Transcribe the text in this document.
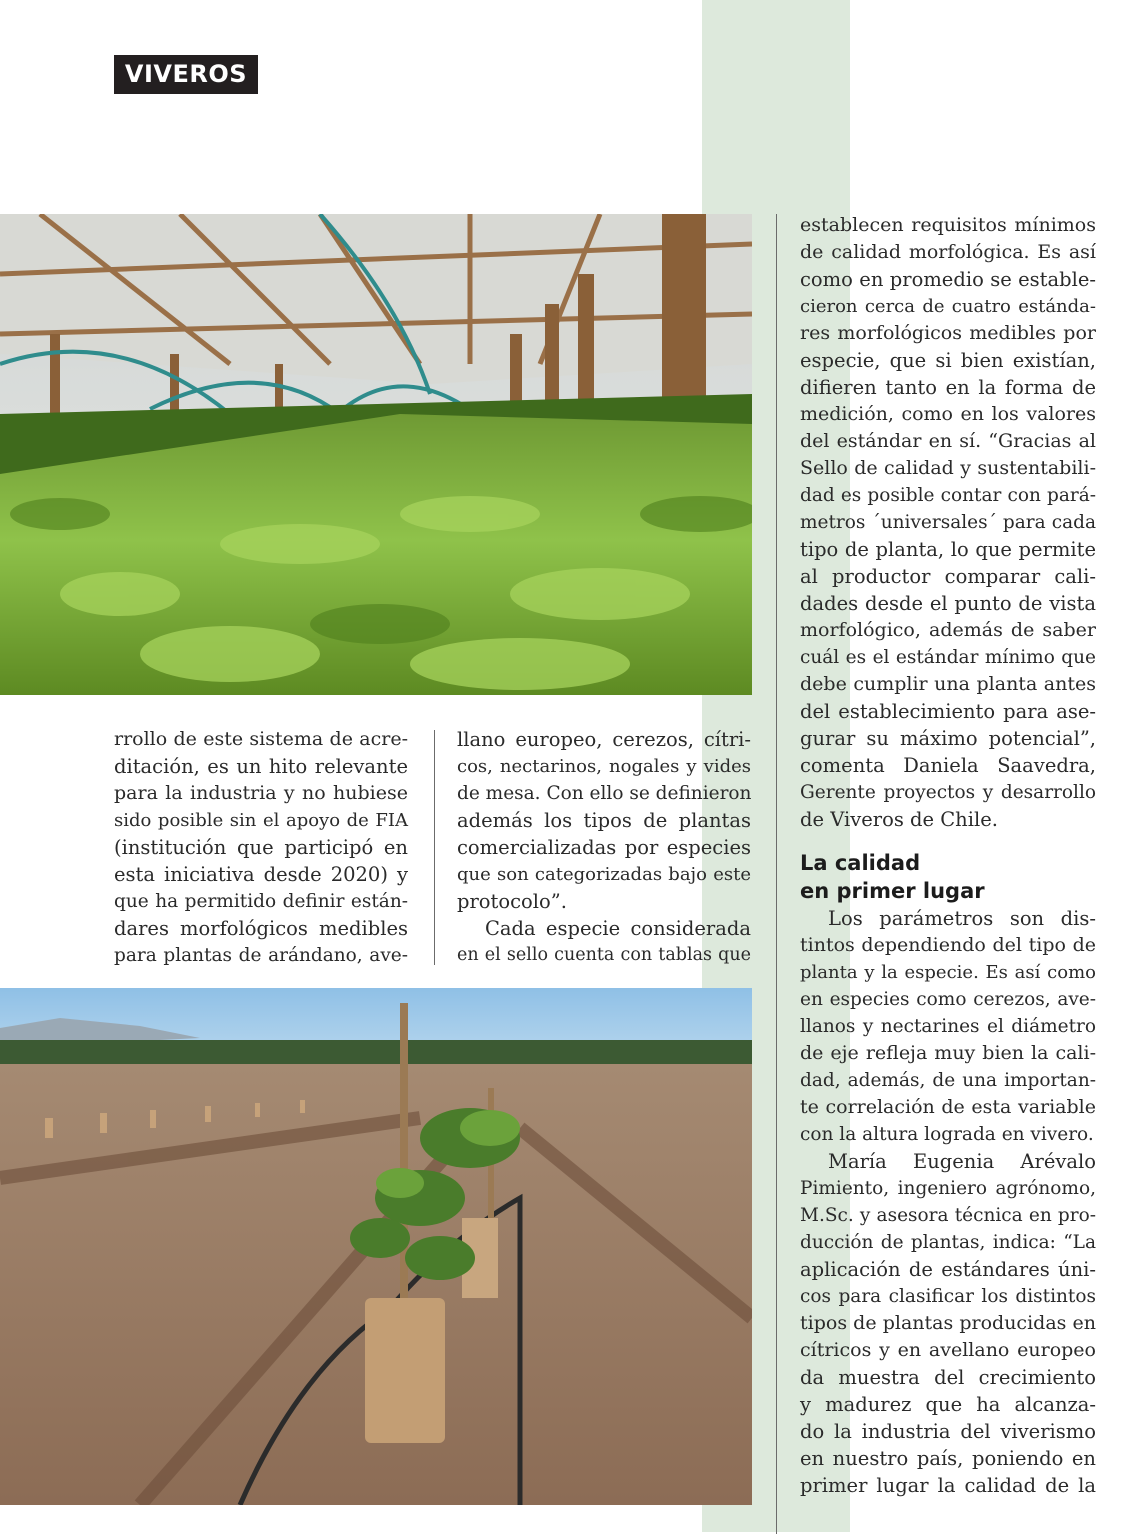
VIVEROS

rrollo de este sistema de acre-
ditación, es un hito relevante
para la industria y no hubiese
sido posible sin el apoyo de FIA
(institución que participó en
esta iniciativa desde 2020) y
que ha permitido definir están-
dares morfológicos medibles
para plantas de arándano, ave-

llano europeo, cerezos, cítri-
cos, nectarinos, nogales y vides
de mesa. Con ello se definieron
además los tipos de plantas
comercializadas por especies
que son categorizadas bajo este
protocolo”.
Cada especie considerada
en el sello cuenta con tablas que

establecen requisitos mínimos
de calidad morfológica. Es así
como en promedio se estable-
cieron cerca de cuatro estánda-
res morfológicos medibles por
especie, que si bien existían,
difieren tanto en la forma de
medición, como en los valores
del estándar en sí. “Gracias al
Sello de calidad y sustentabili-
dad es posible contar con pará-
metros ´universales´ para cada
tipo de planta, lo que permite
al productor comparar cali-
dades desde el punto de vista
morfológico, además de saber
cuál es el estándar mínimo que
debe cumplir una planta antes
del establecimiento para ase-
gurar su máximo potencial”,
comenta Daniela Saavedra,
Gerente proyectos y desarrollo
de Viveros de Chile.

La calidad
en primer lugar

Los parámetros son dis-
tintos dependiendo del tipo de
planta y la especie. Es así como
en especies como cerezos, ave-
llanos y nectarines el diámetro
de eje refleja muy bien la cali-
dad, además, de una importan-
te correlación de esta variable
con la altura lograda en vivero.

María Eugenia Arévalo
Pimiento, ingeniero agrónomo,
M.Sc. y asesora técnica en pro-
ducción de plantas, indica: “La
aplicación de estándares úni-
cos para clasificar los distintos
tipos de plantas producidas en
cítricos y en avellano europeo
da muestra del crecimiento
y madurez que ha alcanza-
do la industria del viverismo
en nuestro país, poniendo en
primer lugar la calidad de la
